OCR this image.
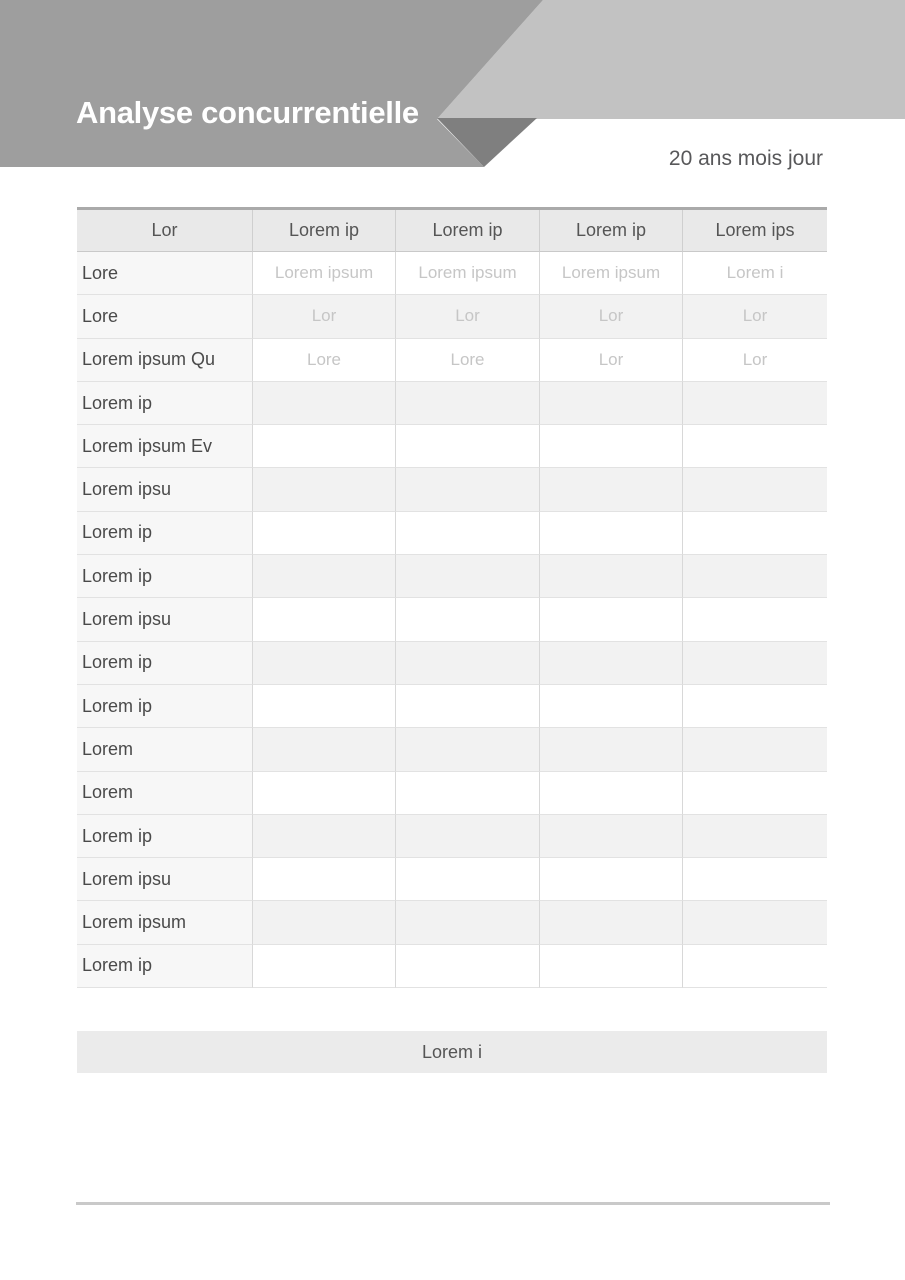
Analyse concurrentielle
20 ans mois jour
Lor	Lorem ip	Lorem ip	Lorem ip	Lorem ips
Lore	Lorem ipsum	Lorem ipsum	Lorem ipsum	Lorem i
Lore	Lor	Lor	Lor	Lor
Lorem ipsum Qu	Lore	Lore	Lor	Lor
Lorem ip
Lorem ipsum Ev
Lorem ipsu
Lorem ip
Lorem ip
Lorem ipsu
Lorem ip
Lorem ip
Lorem
Lorem
Lorem ip
Lorem ipsu
Lorem ipsum
Lorem ip
Lorem i
